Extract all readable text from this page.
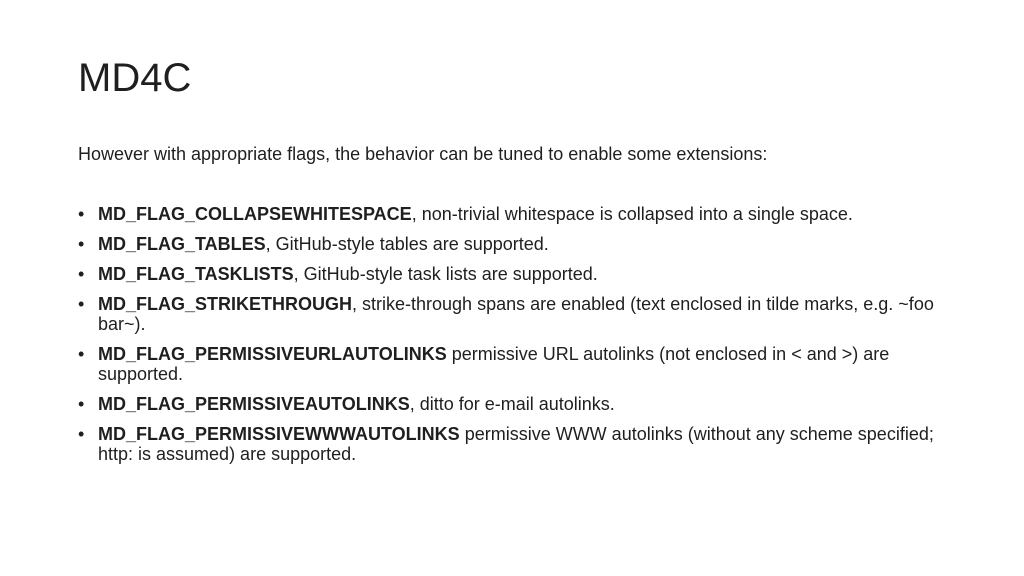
MD4C

However with appropriate flags, the behavior can be tuned to enable some extensions:

• MD_FLAG_COLLAPSEWHITESPACE, non-trivial whitespace is collapsed into a single space.
• MD_FLAG_TABLES, GitHub-style tables are supported.
• MD_FLAG_TASKLISTS, GitHub-style task lists are supported.
• MD_FLAG_STRIKETHROUGH, strike-through spans are enabled (text enclosed in tilde marks, e.g. ~foo bar~).
• MD_FLAG_PERMISSIVEURLAUTOLINKS permissive URL autolinks (not enclosed in < and >) are supported.
• MD_FLAG_PERMISSIVEAUTOLINKS, ditto for e-mail autolinks.
• MD_FLAG_PERMISSIVEWWWAUTOLINKS permissive WWW autolinks (without any scheme specified; http: is assumed) are supported.
